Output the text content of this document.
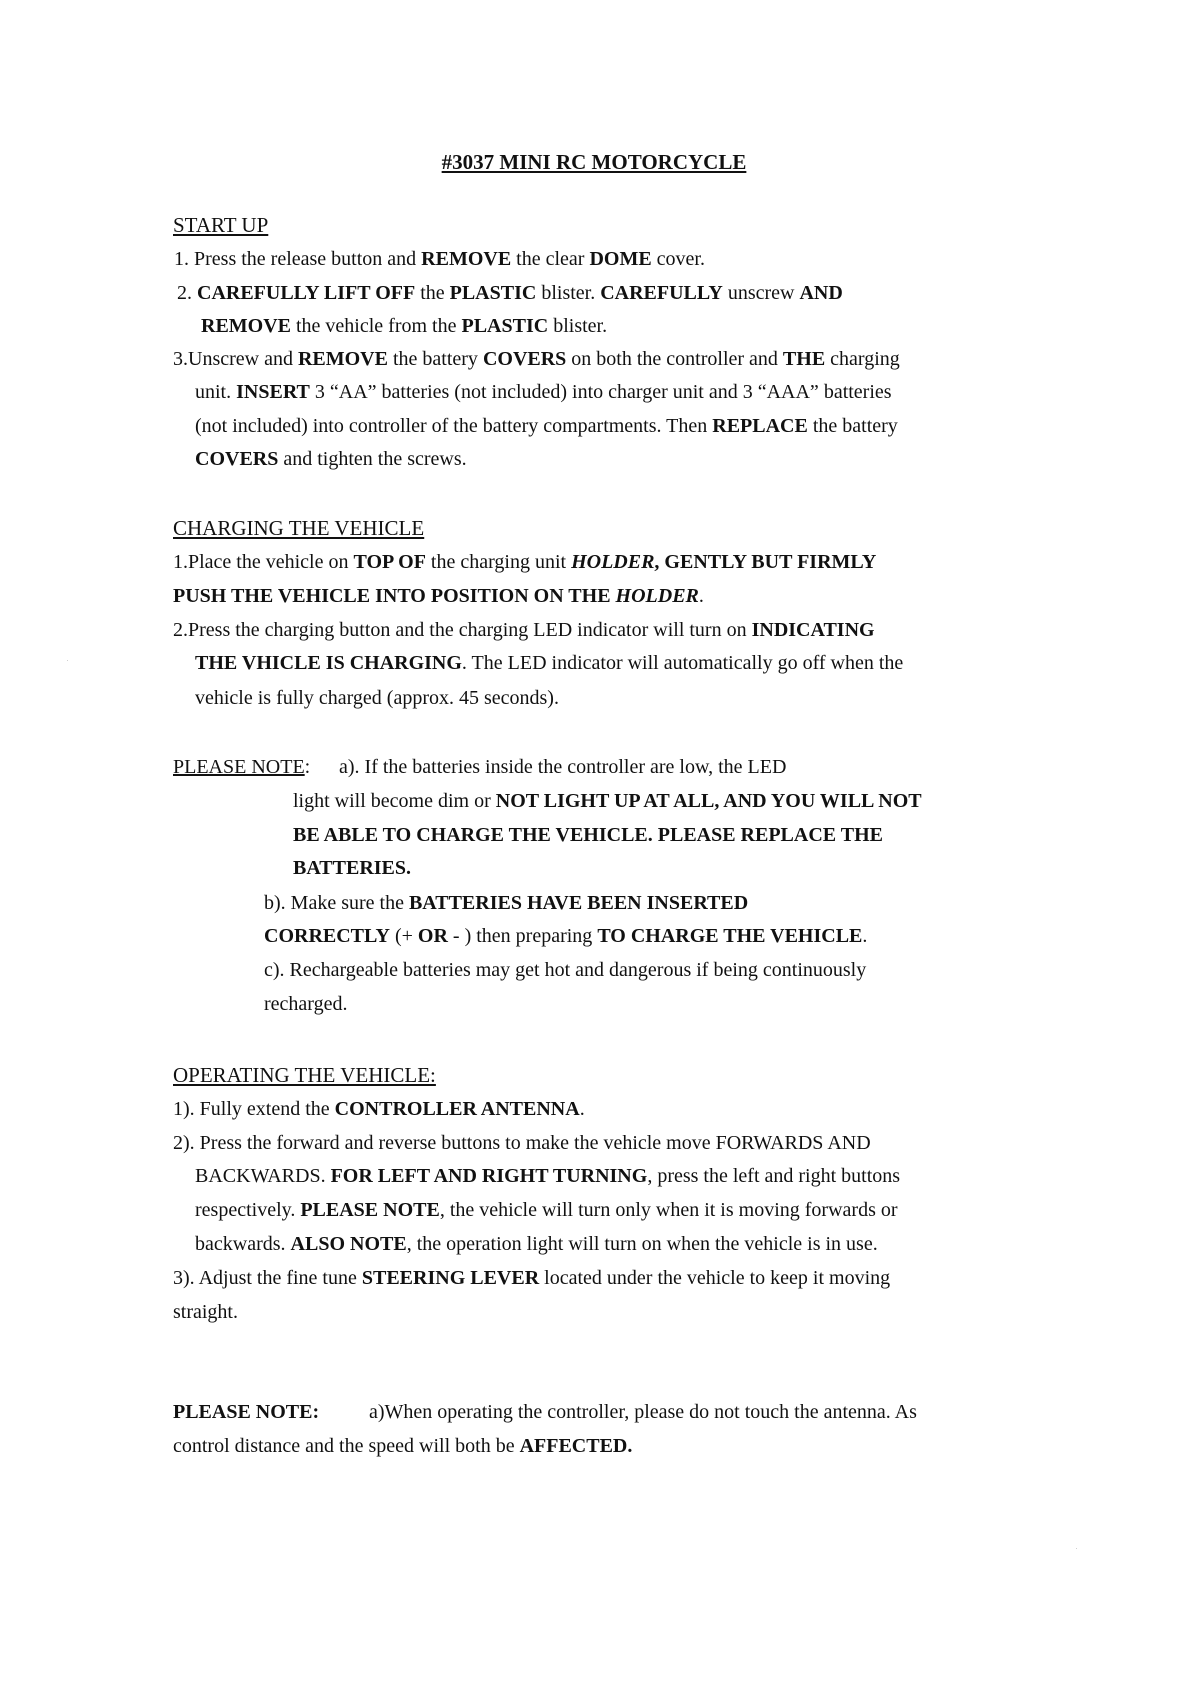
#3037 MINI RC MOTORCYCLE
START UP
1. Press the release button and REMOVE the clear DOME cover.
2. CAREFULLY LIFT OFF the PLASTIC blister. CAREFULLY unscrew AND
REMOVE the vehicle from the PLASTIC blister.
3.Unscrew and REMOVE the battery COVERS on both the controller and THE charging
unit. INSERT 3 “AA” batteries (not included) into charger unit and 3 “AAA” batteries
(not included) into controller of the battery compartments. Then REPLACE the battery
COVERS and tighten the screws.
CHARGING THE VEHICLE
1.Place the vehicle on TOP OF the charging unit HOLDER, GENTLY BUT FIRMLY
PUSH THE VEHICLE INTO POSITION ON THE HOLDER.
2.Press the charging button and the charging LED indicator will turn on INDICATING
THE VHICLE IS CHARGING. The LED indicator will automatically go off when the
vehicle is fully charged (approx. 45 seconds).
PLEASE NOTE: a). If the batteries inside the controller are low, the LED
light will become dim or NOT LIGHT UP AT ALL, AND YOU WILL NOT
BE ABLE TO CHARGE THE VEHICLE. PLEASE REPLACE THE
BATTERIES.
b). Make sure the BATTERIES HAVE BEEN INSERTED
CORRECTLY (+ OR - ) then preparing TO CHARGE THE VEHICLE.
c). Rechargeable batteries may get hot and dangerous if being continuously
recharged.
OPERATING THE VEHICLE:
1). Fully extend the CONTROLLER ANTENNA.
2). Press the forward and reverse buttons to make the vehicle move FORWARDS AND
BACKWARDS. FOR LEFT AND RIGHT TURNING, press the left and right buttons
respectively. PLEASE NOTE, the vehicle will turn only when it is moving forwards or
backwards. ALSO NOTE, the operation light will turn on when the vehicle is in use.
3). Adjust the fine tune STEERING LEVER located under the vehicle to keep it moving
straight.
PLEASE NOTE: a)When operating the controller, please do not touch the antenna. As
control distance and the speed will both be AFFECTED.
